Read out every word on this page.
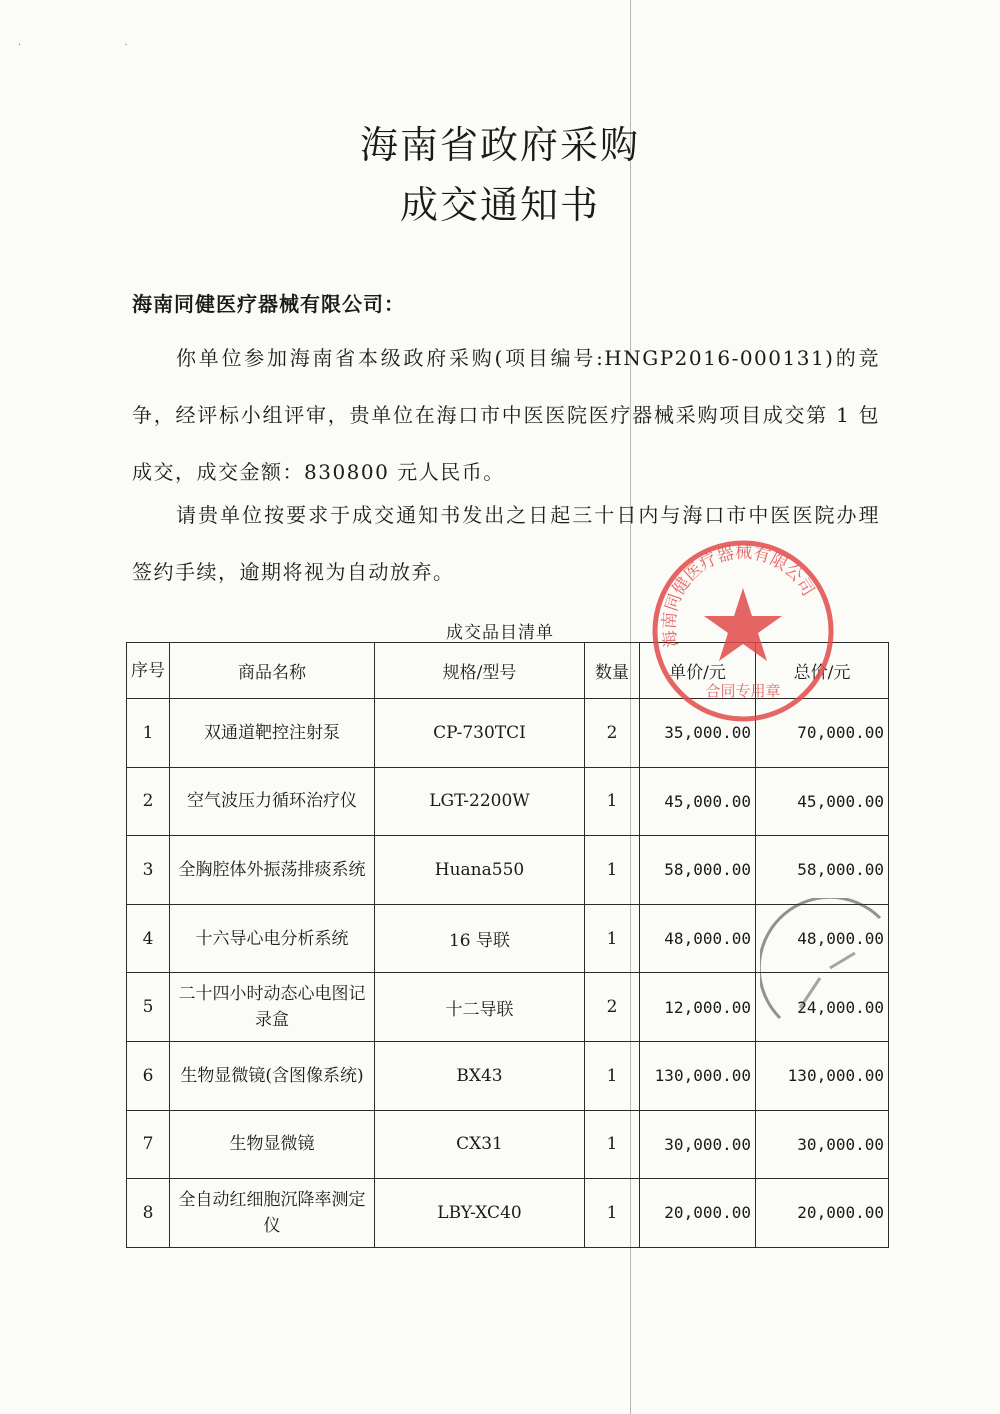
· ·
海南省政府采购
成交通知书
海南同健医疗器械有限公司：

你单位参加海南省本级政府采购(项目编号:HNGP2016-000131)的竞争，经评标小组评审，贵单位在海口市中医医院医疗器械采购项目成交第 1 包成交，成交金额：830800 元人民币。

请贵单位按要求于成交通知书发出之日起三十日内与海口市中医医院办理签约手续，逾期将视为自动放弃。

成交品目清单
序号	商品名称	规格/型号	数量	单价/元	总价/元
1	双通道靶控注射泵	CP-730TCI	2	35,000.00	70,000.00
2	空气波压力循环治疗仪	LGT-2200W	1	45,000.00	45,000.00
3	全胸腔体外振荡排痰系统	Huana550	1	58,000.00	58,000.00
4	十六导心电分析系统	16 导联	1	48,000.00	48,000.00
5	二十四小时动态心电图记录盒	十二导联	2	12,000.00	24,000.00
6	生物显微镜(含图像系统)	BX43	1	130,000.00	130,000.00
7	生物显微镜	CX31	1	30,000.00	30,000.00
8	全自动红细胞沉降率测定仪	LBY-XC40	1	20,000.00	20,000.00
海南同健医疗器械有限公司
合同专用章
